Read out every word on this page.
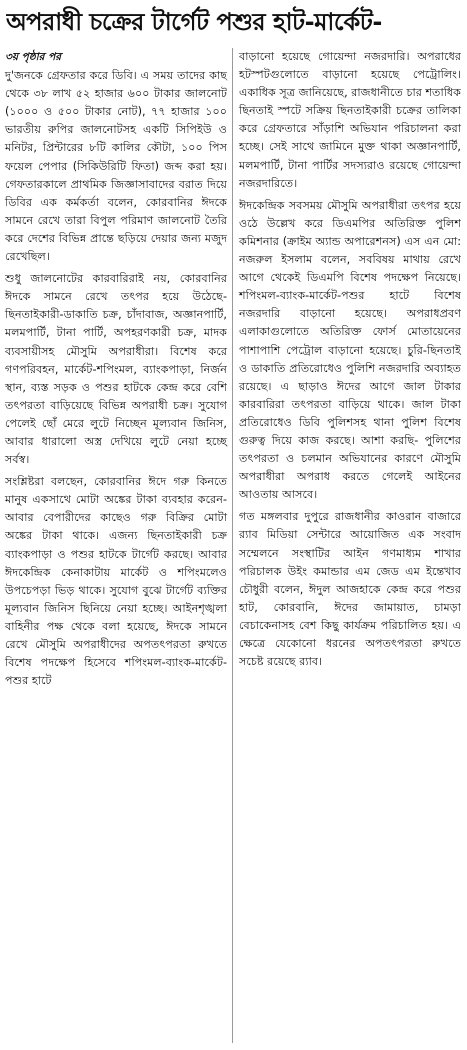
অপরাধী চক্রের টার্গেট পশুর হাট-মার্কেট-
৩য় পৃষ্ঠার পর

দু'জনকে গ্রেফতার করে ডিবি। এ সময় তাদের কাছ থেকে ৩৮ লাখ ৫২ হাজার ৬০০ টাকার জালনোট (১০০০ ও ৫০০ টাকার নোট), ৭৭ হাজার ১০০ ভারতীয় রুপির জালনোটসহ একটি সিপিইউ ও মনিটর, প্রিন্টারের ৮টি কালির কৌটা, ১০০ পিস ফয়েল পেপার (সিকিউরিটি ফিতা) জব্দ করা হয়। গেফতারকালে প্রাথমিক জিজ্ঞাসাবাদের বরাত দিয়ে ডিবির এক কর্মকর্তা বলেন, কোরবানির ঈদকে সামনে রেখে তারা বিপুল পরিমাণ জালনোট তৈরি করে দেশের বিভিন্ন প্রান্তে ছড়িয়ে দেয়ার জন্য মজুদ রেখেছিল।

শুধু জালনোটের কারবারিরাই নয়, কোরবানির ঈদকে সামনে রেখে তৎপর হয়ে উঠেছে- ছিনতাইকারী-ডাকাতি চক্র, চাঁদাবাজ, অজ্ঞানপার্টি, মলমপার্টি, টানা পার্টি, অপহরণকারী চক্র, মাদক ব্যবসায়ীসহ মৌসুমি অপরাধীরা। বিশেষ করে গণপরিবহন, মার্কেট-শপিংমল, ব্যাংকপাড়া, নির্জন স্থান, ব্যস্ত সড়ক ও পশুর হাটকে কেন্দ্র করে বেশি তৎপরতা বাড়িয়েছে বিভিন্ন অপরাধী চক্র। সুযোগ পেলেই ছোঁ মেরে লুটে নিচ্ছেন মূল্যবান জিনিস, আবার ধারালো অস্ত্র দেখিয়ে লুটে নেয়া হচ্ছে সর্বস্ব।

সংশ্লিষ্টরা বলছেন, কোরবানির ঈদে গরু কিনতে মানুষ একসাথে মোটা অঙ্কের টাকা ব্যবহার করেন- আবার বেপারীদের কাছেও গরু বিক্রির মোটা অঙ্কের টাকা থাকে। এজন্য ছিনতাইকারী চক্র ব্যাংকপাড়া ও পশুর হাটকে টার্গেট করছে। আবার ঈদকেন্দ্রিক কেনাকাটায় মার্কেট ও শপিংমলেও উপচেপড়া ভিড় থাকে। সুযোগ বুঝে টার্গেট ব্যক্তির মূল্যবান জিনিস ছিনিয়ে নেয়া হচ্ছে। আইনশৃঙ্খলা বাহিনীর পক্ষ থেকে বলা হয়েছে, ঈদকে সামনে রেখে মৌসুমি অপরাধীদের অপতৎপরতা রুখতে বিশেষ পদক্ষেপ হিসেবে শপিংমল-ব্যাংক-মার্কেট-পশুর হাটে

বাড়ানো হয়েছে গোয়েন্দা নজরদারি। অপরাধের হটস্পটগুলোতে বাড়ানো হয়েছে পেট্রোলিং। একাধিক সূত্র জানিয়েছে, রাজধানীতে চার শতাধিক ছিনতাই স্পটে সক্রিয় ছিনতাইকারী চক্রের তালিকা করে গ্রেফতারে সাঁড়াশি অভিযান পরিচালনা করা হচ্ছে। সেই সাথে জামিনে মুক্ত থাকা অজ্ঞানপার্টি, মলমপার্টি, টানা পার্টির সদস্যরাও রয়েছে গোয়েন্দা নজরদারিতে।

ঈদকেন্দ্রিক সবসময় মৌসুমি অপরাধীরা তৎপর হয়ে ওঠে উল্লেখ করে ডিএমপির অতিরিক্ত পুলিশ কমিশনার (ক্রাইম অ্যান্ড অপারেশনস) এস এন মো: নজরুল ইসলাম বলেন, সববিষয় মাথায় রেখে আগে থেকেই ডিএমপি বিশেষ পদক্ষেপ নিয়েছে। শপিংমল-ব্যাংক-মার্কেট-পশুর হাটে বিশেষ নজরদারি বাড়ানো হয়েছে। অপরাধপ্রবণ এলাকাগুলোতে অতিরিক্ত ফোর্স মোতায়েনের পাশাপাশি পেট্রোল বাড়ানো হয়েছে। চুরি-ছিনতাই ও ডাকাতি প্রতিরোধেও পুলিশি নজরদারি অব্যাহত রয়েছে। এ ছাড়াও ঈদের আগে জাল টাকার কারবারিরা তৎপরতা বাড়িয়ে থাকে। জাল টাকা প্রতিরোধেও ডিবি পুলিশসহ থানা পুলিশ বিশেষ গুরুত্ব দিয়ে কাজ করছে। আশা করছি- পুলিশের তৎপরতা ও চলমান অভিযানের কারণে মৌসুমি অপরাধীরা অপরাধ করতে গেলেই আইনের আওতায় আসবে।

গত মঙ্গলবার দুপুরে রাজধানীর কাওরান বাজারে র‌্যাব মিডিয়া সেন্টারে আয়োজিত এক সংবাদ সম্মেলনে সংস্থাটির আইন গণমাধ্যম শাখার পরিচালক উইং কমান্ডার এম জেড এম ইন্তেখাব চৌধুরী বলেন, ঈদুল আজহাকে কেন্দ্র করে পশুর হাট, কোরবানি, ঈদের জামায়াত, চামড়া বেচাকেনাসহ বেশ কিছু কার্যক্রম পরিচালিত হয়। এ ক্ষেত্রে যেকোনো ধরনের অপতৎপরতা রুখতে সচেষ্ট রয়েছে র‌্যাব।
